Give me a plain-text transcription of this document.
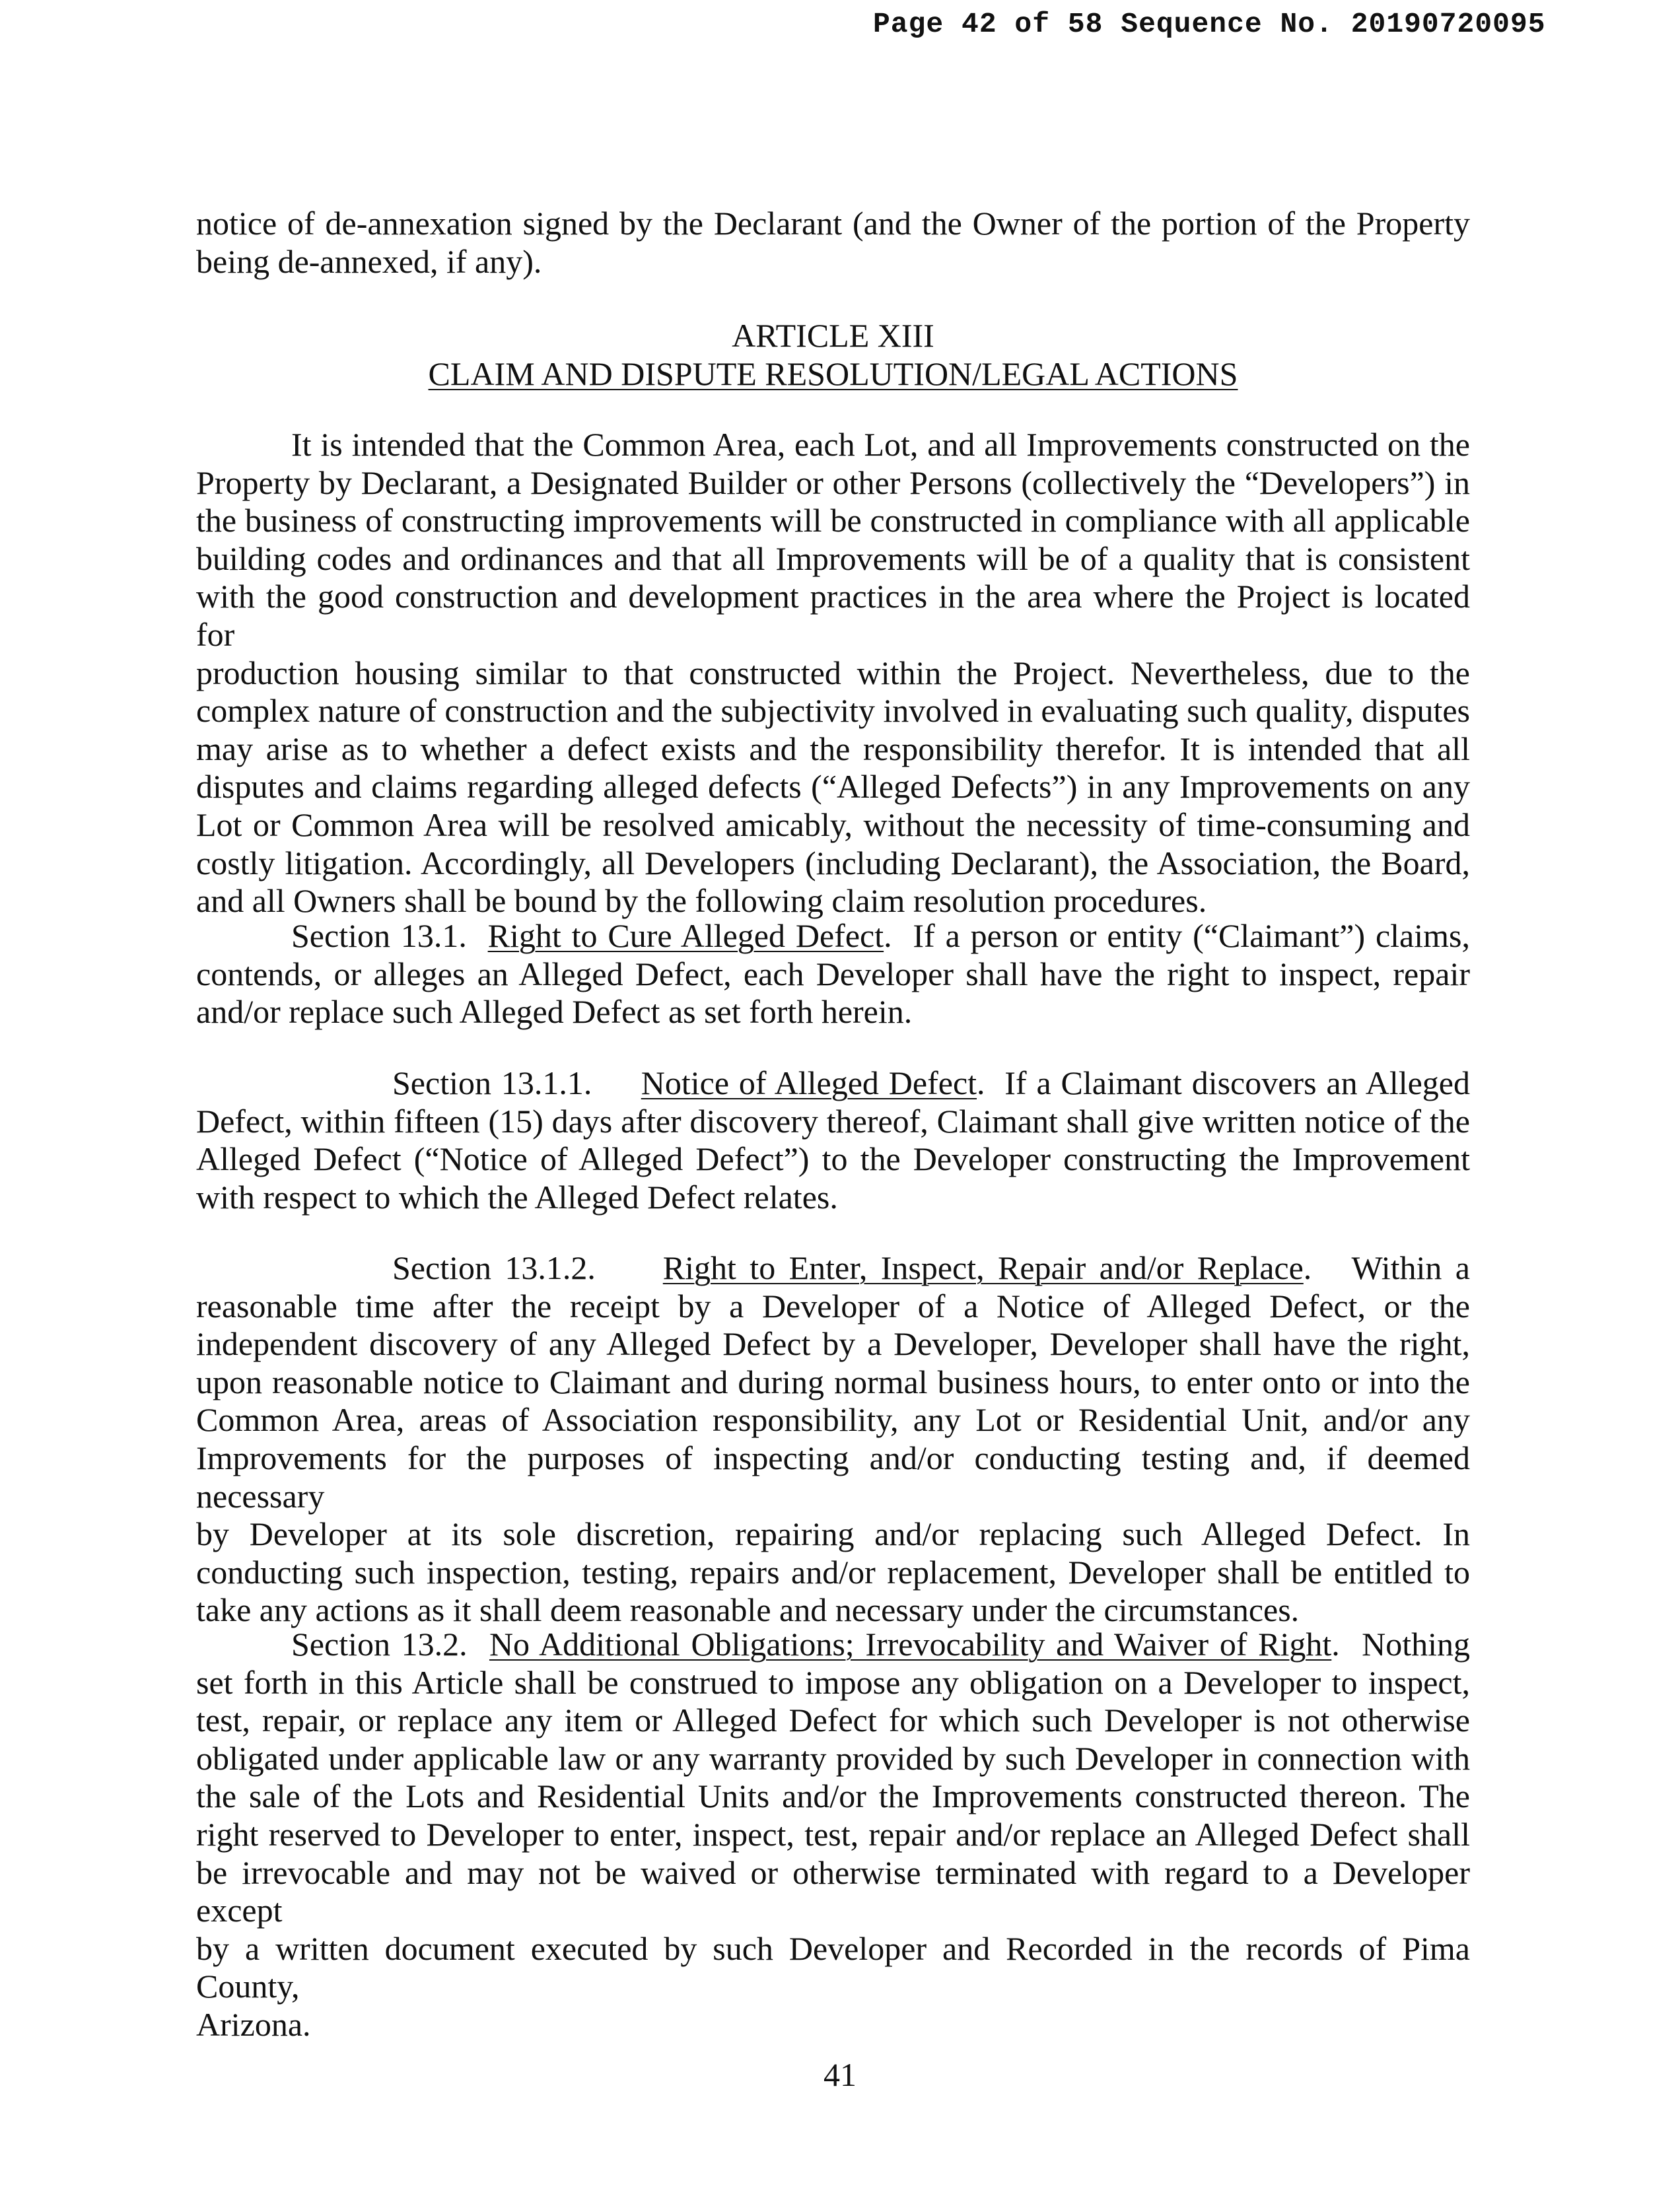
Page 42 of 58 Sequence No. 20190720095
notice of de-annexation signed by the Declarant (and the Owner of the portion of the Property
being de-annexed, if any).
ARTICLE XIII
CLAIM AND DISPUTE RESOLUTION/LEGAL ACTIONS
It is intended that the Common Area, each Lot, and all Improvements constructed on the
Property by Declarant, a Designated Builder or other Persons (collectively the “Developers”) in
the business of constructing improvements will be constructed in compliance with all applicable
building codes and ordinances and that all Improvements will be of a quality that is consistent
with the good construction and development practices in the area where the Project is located for
production housing similar to that constructed within the Project. Nevertheless, due to the
complex nature of construction and the subjectivity involved in evaluating such quality, disputes
may arise as to whether a defect exists and the responsibility therefor. It is intended that all
disputes and claims regarding alleged defects (“Alleged Defects”) in any Improvements on any
Lot or Common Area will be resolved amicably, without the necessity of time-consuming and
costly litigation. Accordingly, all Developers (including Declarant), the Association, the Board,
and all Owners shall be bound by the following claim resolution procedures.
Section 13.1.  Right to Cure Alleged Defect.  If a person or entity (“Claimant”) claims,
contends, or alleges an Alleged Defect, each Developer shall have the right to inspect, repair
and/or replace such Alleged Defect as set forth herein.
Section 13.1.1.     Notice of Alleged Defect.  If a Claimant discovers an Alleged
Defect, within fifteen (15) days after discovery thereof, Claimant shall give written notice of the
Alleged Defect (“Notice of Alleged Defect”) to the Developer constructing the Improvement
with respect to which the Alleged Defect relates.
Section 13.1.2.     Right to Enter, Inspect, Repair and/or Replace.   Within a
reasonable time after the receipt by a Developer of a Notice of Alleged Defect, or the
independent discovery of any Alleged Defect by a Developer, Developer shall have the right,
upon reasonable notice to Claimant and during normal business hours, to enter onto or into the
Common Area, areas of Association responsibility, any Lot or Residential Unit, and/or any
Improvements for the purposes of inspecting and/or conducting testing and, if deemed necessary
by Developer at its sole discretion, repairing and/or replacing such Alleged Defect. In
conducting such inspection, testing, repairs and/or replacement, Developer shall be entitled to
take any actions as it shall deem reasonable and necessary under the circumstances.
Section 13.2.  No Additional Obligations; Irrevocability and Waiver of Right.  Nothing
set forth in this Article shall be construed to impose any obligation on a Developer to inspect,
test, repair, or replace any item or Alleged Defect for which such Developer is not otherwise
obligated under applicable law or any warranty provided by such Developer in connection with
the sale of the Lots and Residential Units and/or the Improvements constructed thereon. The
right reserved to Developer to enter, inspect, test, repair and/or replace an Alleged Defect shall
be irrevocable and may not be waived or otherwise terminated with regard to a Developer except
by a written document executed by such Developer and Recorded in the records of Pima County,
Arizona.
41
